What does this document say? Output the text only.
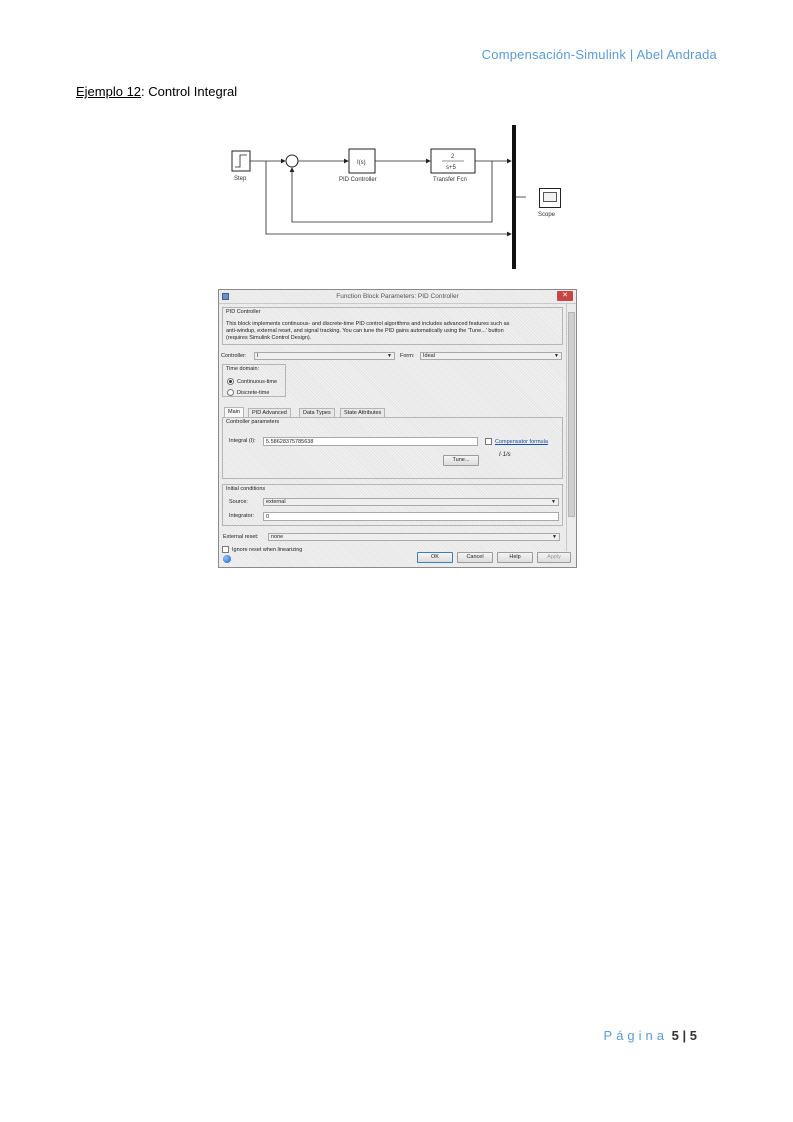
Compensación-Simulink | Abel Andrada
Ejemplo 12: Control Integral
Step
I(s)
PID Controller
2
s+5
Transfer Fcn
Scope
Function Block Parameters: PID Controller	✕
PID Controller
This block implements continuous- and discrete-time PID control algorithms and includes advanced features such as
anti-windup, external reset, and signal tracking. You can tune the PID gains automatically using the 'Tune...' button
(requires Simulink Control Design).
Controller:	I	▼ Form:	Ideal	▼
Time domain:
Continuous-time
Discrete-time
Main	PID Advanced	Data Types	State Attributes
Controller parameters
Integral (I):	5.58628375785638	Compensator formula
I·1/s
Tune...
Initial conditions
Source:	external	▼
Integrator:	0
External reset:	none	▼
Ignore reset when linearizing
OK	Cancel	Help	Apply
Página 5 | 5
